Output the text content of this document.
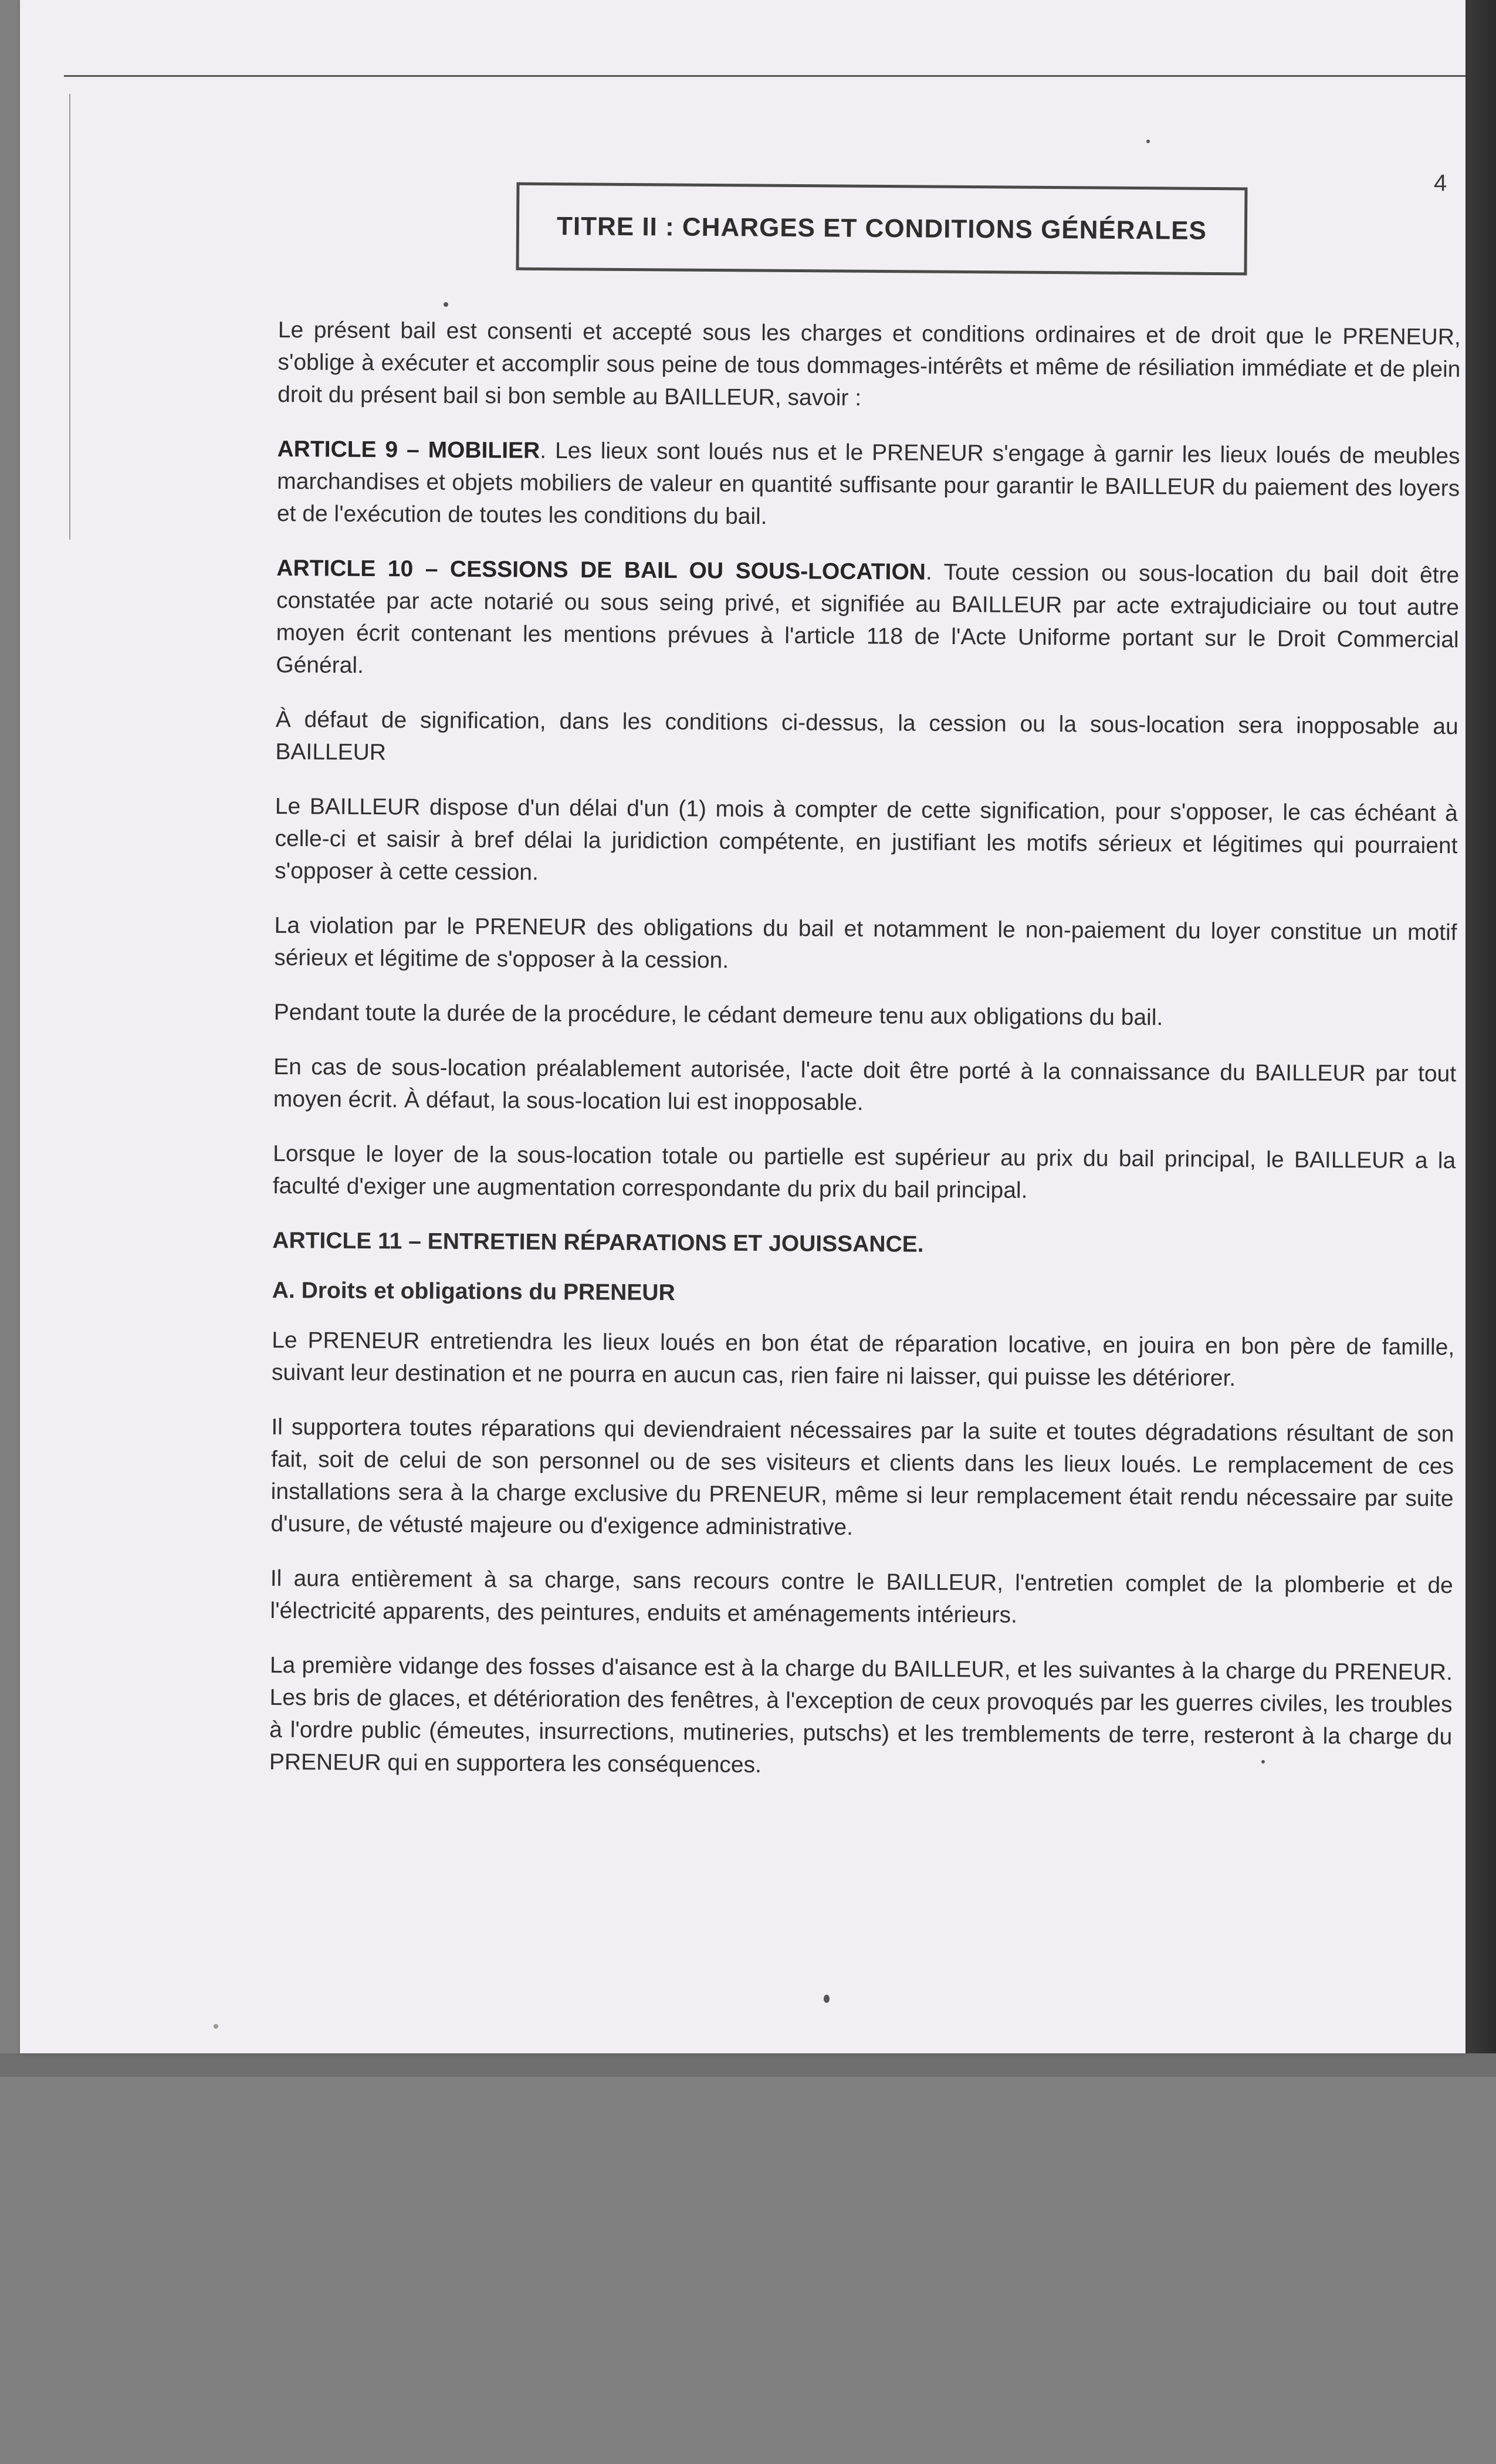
4
TITRE II : CHARGES ET CONDITIONS GÉNÉRALES

Le présent bail est consenti et accepté sous les charges et conditions ordinaires et de droit que le PRENEUR, s'oblige à exécuter et accomplir sous peine de tous dommages-intérêts et même de résiliation immédiate et de plein droit du présent bail si bon semble au BAILLEUR, savoir :

ARTICLE 9 – MOBILIER. Les lieux sont loués nus et le PRENEUR s'engage à garnir les lieux loués de meubles marchandises et objets mobiliers de valeur en quantité suffisante pour garantir le BAILLEUR du paiement des loyers et de l'exécution de toutes les conditions du bail.

ARTICLE 10 – CESSIONS DE BAIL OU SOUS-LOCATION. Toute cession ou sous-location du bail doit être constatée par acte notarié ou sous seing privé, et signifiée au BAILLEUR par acte extrajudiciaire ou tout autre moyen écrit contenant les mentions prévues à l'article 118 de l'Acte Uniforme portant sur le Droit Commercial Général.

À défaut de signification, dans les conditions ci-dessus, la cession ou la sous-location sera inopposable au BAILLEUR

Le BAILLEUR dispose d'un délai d'un (1) mois à compter de cette signification, pour s'opposer, le cas échéant à celle-ci et saisir à bref délai la juridiction compétente, en justifiant les motifs sérieux et légitimes qui pourraient s'opposer à cette cession.

La violation par le PRENEUR des obligations du bail et notamment le non-paiement du loyer constitue un motif sérieux et légitime de s'opposer à la cession.

Pendant toute la durée de la procédure, le cédant demeure tenu aux obligations du bail.

En cas de sous-location préalablement autorisée, l'acte doit être porté à la connaissance du BAILLEUR par tout moyen écrit. À défaut, la sous-location lui est inopposable.

Lorsque le loyer de la sous-location totale ou partielle est supérieur au prix du bail principal, le BAILLEUR a la faculté d'exiger une augmentation correspondante du prix du bail principal.

ARTICLE 11 – ENTRETIEN RÉPARATIONS ET JOUISSANCE.

A. Droits et obligations du PRENEUR

Le PRENEUR entretiendra les lieux loués en bon état de réparation locative, en jouira en bon père de famille, suivant leur destination et ne pourra en aucun cas, rien faire ni laisser, qui puisse les détériorer.

Il supportera toutes réparations qui deviendraient nécessaires par la suite et toutes dégradations résultant de son fait, soit de celui de son personnel ou de ses visiteurs et clients dans les lieux loués. Le remplacement de ces installations sera à la charge exclusive du PRENEUR, même si leur remplacement était rendu nécessaire par suite d'usure, de vétusté majeure ou d'exigence administrative.

Il aura entièrement à sa charge, sans recours contre le BAILLEUR, l'entretien complet de la plomberie et de l'électricité apparents, des peintures, enduits et aménagements intérieurs.

La première vidange des fosses d'aisance est à la charge du BAILLEUR, et les suivantes à la charge du PRENEUR. Les bris de glaces, et détérioration des fenêtres, à l'exception de ceux provoqués par les guerres civiles, les troubles à l'ordre public (émeutes, insurrections, mutineries, putschs) et les tremblements de terre, resteront à la charge du PRENEUR qui en supportera les conséquences.
